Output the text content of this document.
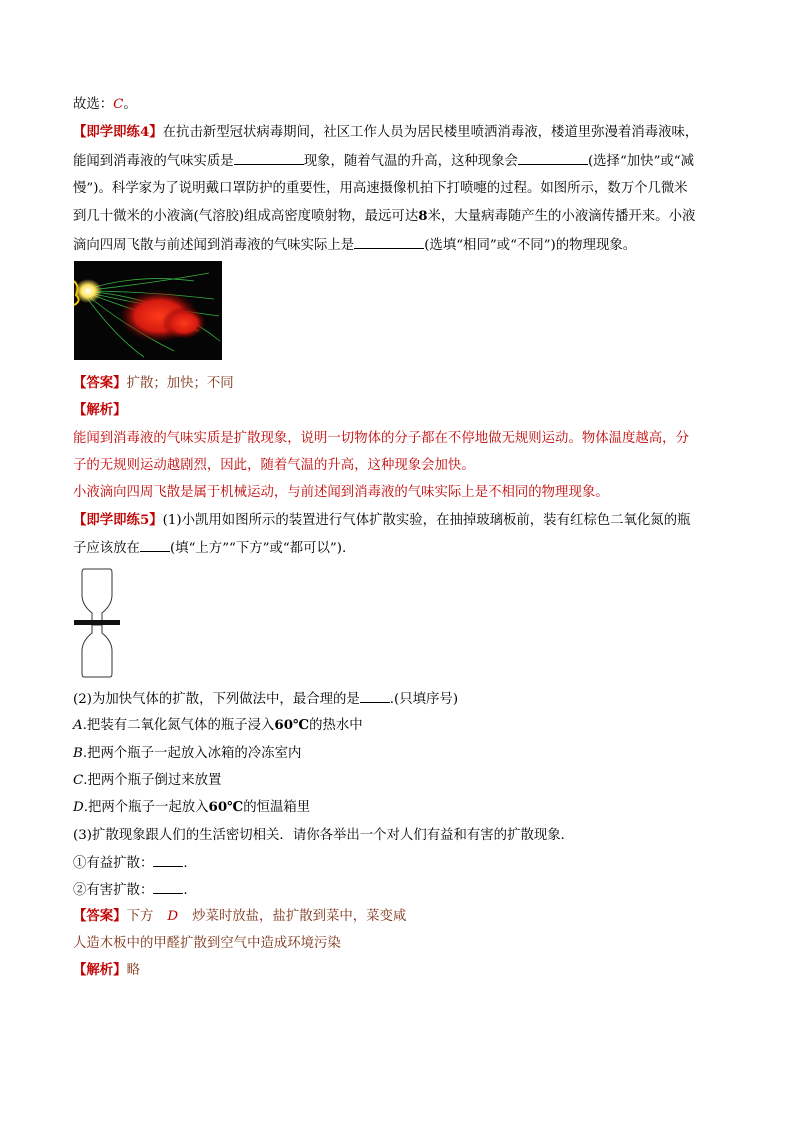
故选：C。
【即学即练4】在抗击新型冠状病毒期间，社区工作人员为居民楼里喷洒消毒液，楼道里弥漫着消毒液味，
能闻到消毒液的气味实质是	现象，随着气温的升高，这种现象会	(选择“加快”或“减
慢”)。科学家为了说明戴口罩防护的重要性，用高速摄像机拍下打喷嚏的过程。如图所示，数万个几微米
到几十微米的小液滴(气溶胶)组成高密度喷射物，最远可达8米，大量病毒随产生的小液滴传播开来。小液
滴向四周飞散与前述闻到消毒液的气味实际上是	(选填“相同”或“不同”)的物理现象。
【答案】扩散；加快；不同
【解析】
能闻到消毒液的气味实质是扩散现象，说明一切物体的分子都在不停地做无规则运动。物体温度越高，分
子的无规则运动越剧烈，因此，随着气温的升高，这种现象会加快。
小液滴向四周飞散是属于机械运动，与前述闻到消毒液的气味实际上是不相同的物理现象。
【即学即练5】(1)小凯用如图所示的装置进行气体扩散实验，在抽掉玻璃板前，装有红棕色二氧化氮的瓶
子应该放在 (填“上方”“下方”或“都可以”).
(2)为加快气体的扩散，下列做法中，最合理的是 .(只填序号)
A.把装有二氧化氮气体的瓶子浸入60℃的热水中
B.把两个瓶子一起放入冰箱的冷冻室内
C.把两个瓶子倒过来放置
D.把两个瓶子一起放入60℃的恒温箱里
(3)扩散现象跟人们的生活密切相关．请你各举出一个对人们有益和有害的扩散现象．
①有益扩散： .
②有害扩散： .
【答案】下方 D 炒菜时放盐，盐扩散到菜中，菜变咸
人造木板中的甲醛扩散到空气中造成环境污染
【解析】略
